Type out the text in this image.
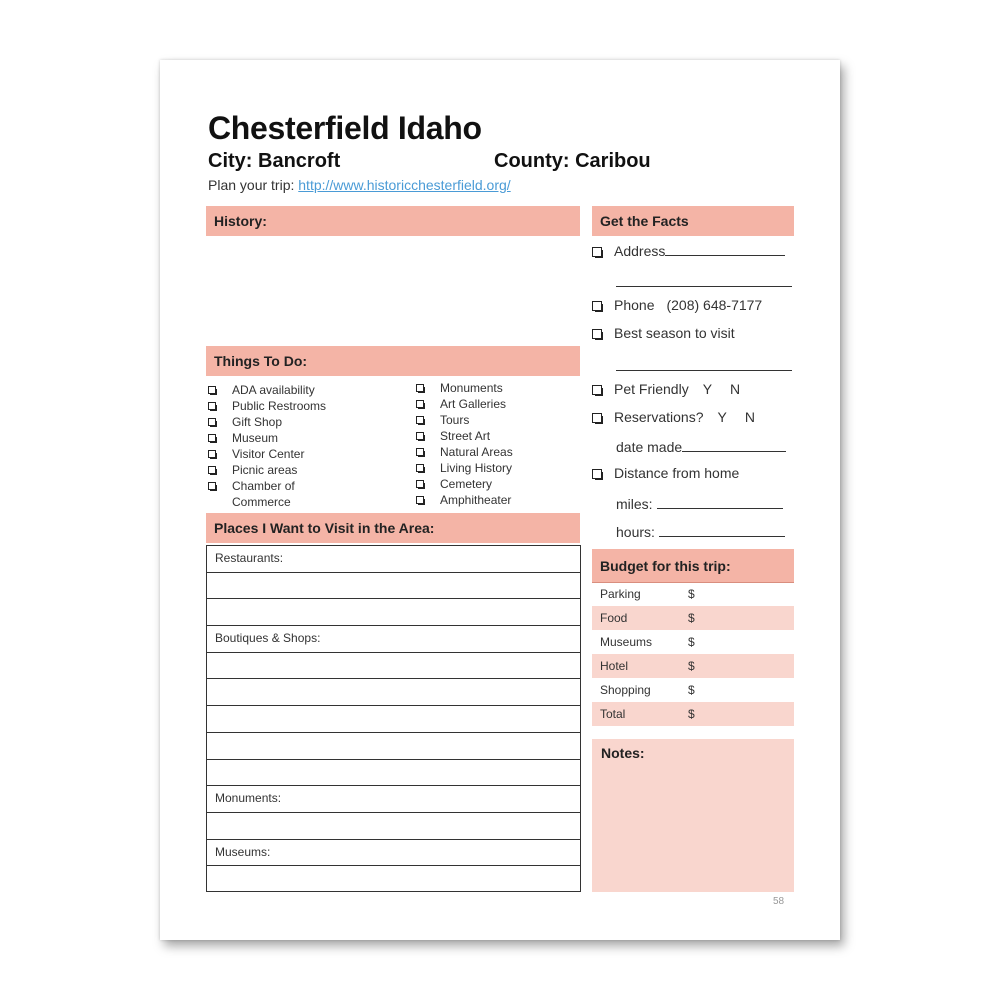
Chesterfield Idaho
City: Bancroft	County: Caribou
Plan your trip: http://www.historicchesterfield.org/
History:
Things To Do:
ADA availability
Public Restrooms
Gift Shop
Museum
Visitor Center
Picnic areas
Chamber of Commerce
Monuments
Art Galleries
Tours
Street Art
Natural Areas
Living History
Cemetery
Amphitheater
Places I Want to Visit in the Area:
Restaurants:
Boutiques & Shops:
Monuments:
Museums:
Get the Facts
Address
Phone (208) 648-7177
Best season to visit
Pet Friendly Y N
Reservations? Y N
date made
Distance from home
miles:
hours:
Budget for this trip:
Parking	$
Food	$
Museums	$
Hotel	$
Shopping	$
Total	$
Notes:
58
